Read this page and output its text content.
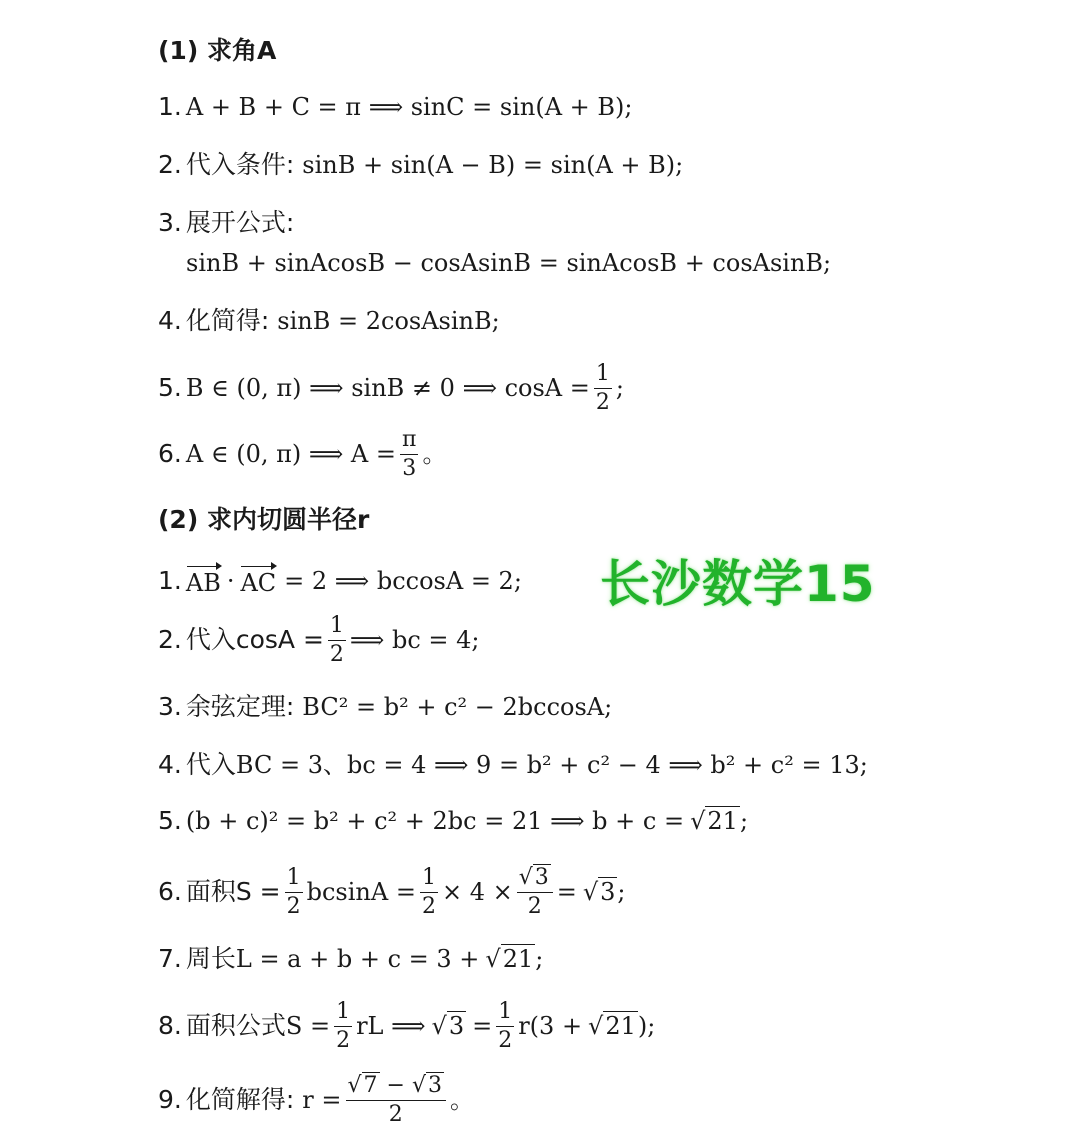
(1) 求角A
1. A + B + C = π ⟹ sinC = sin(A + B);
2. 代入条件: sinB + sin(A − B) = sin(A + B);
3. 展开公式:
sinB + sinAcosB − cosAsinB = sinAcosB + cosAsinB;
4. 化简得: sinB = 2cosAsinB;
5. B ∈ (0, π) ⟹ sinB ≠ 0 ⟹ $\cos A = \frac{1}{2}$ ;
6. A ∈ (0, π) ⟹ $A = \frac{\pi}{3}$ 。
(2) 求内切圆半径r
长沙数学15
1. AB · AC = 2 ⟹ bccosA = 2;
2. 代入$\cos A = \frac{1}{2}$ ⟹ bc = 4;
3. 余弦定理: BC² = b² + c² − 2bccosA;
4. 代入 BC = 3、bc = 4 ⟹ 9 = b² + c² − 4 ⟹ b² + c² = 13;
5. (b + c)² = b² + c² + 2bc = 21 ⟹ b + c = √21 ;
6. 面积$S = \frac{1}{2}$ $bcsinA = \frac{1}{2} \times 4 \times \frac{√3}{2} = √3$ ;
7. 周长 L = a + b + c = 3 + √21 ;
8. 面积公式 $S = \frac{1}{2}$ rL ⟹ $√3 = \frac{1}{2} r(3 + √21$ );
9. 化简解得: $r = \frac{√7 - √3}{2}$ 。
